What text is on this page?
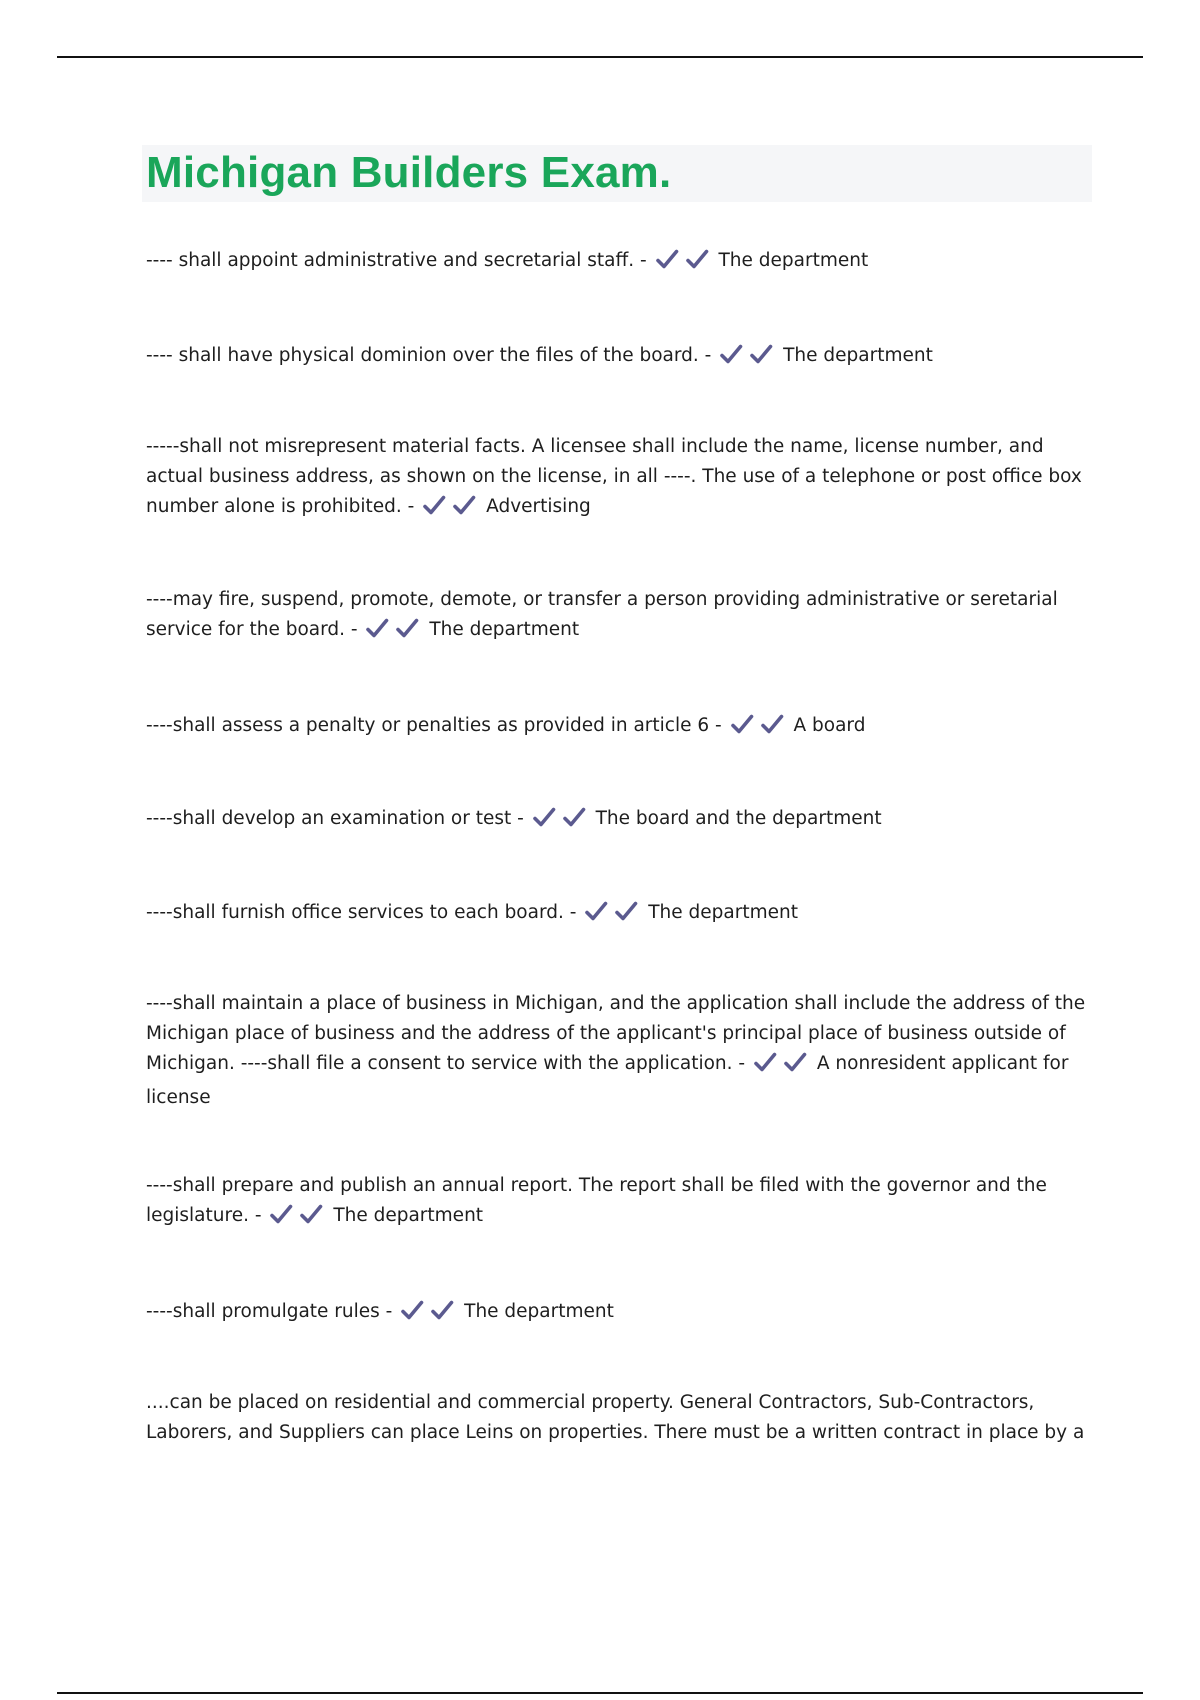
Michigan Builders Exam.

---- shall appoint administrative and secretarial staff. -	The department

---- shall have physical dominion over the files of the board. -	The department

-----shall not misrepresent material facts. A licensee shall include the name, license number, and actual business address, as shown on the license, in all ----. The use of a telephone or post office box number alone is prohibited. -	Advertising

----may fire, suspend, promote, demote, or transfer a person providing administrative or seretarial service for the board. -	The department

----shall assess a penalty or penalties as provided in article 6 -	A board

----shall develop an examination or test -	The board and the department

----shall furnish office services to each board. -	The department

----shall maintain a place of business in Michigan, and the application shall include the address of the Michigan place of business and the address of the applicant's principal place of business outside of Michigan. ----shall file a consent to service with the application. -	A nonresident applicant for license

----shall prepare and publish an annual report. The report shall be filed with the governor and the legislature. -	The department

----shall promulgate rules -	The department

....can be placed on residential and commercial property. General Contractors, Sub-Contractors, Laborers, and Suppliers can place Leins on properties. There must be a written contract in place by a
